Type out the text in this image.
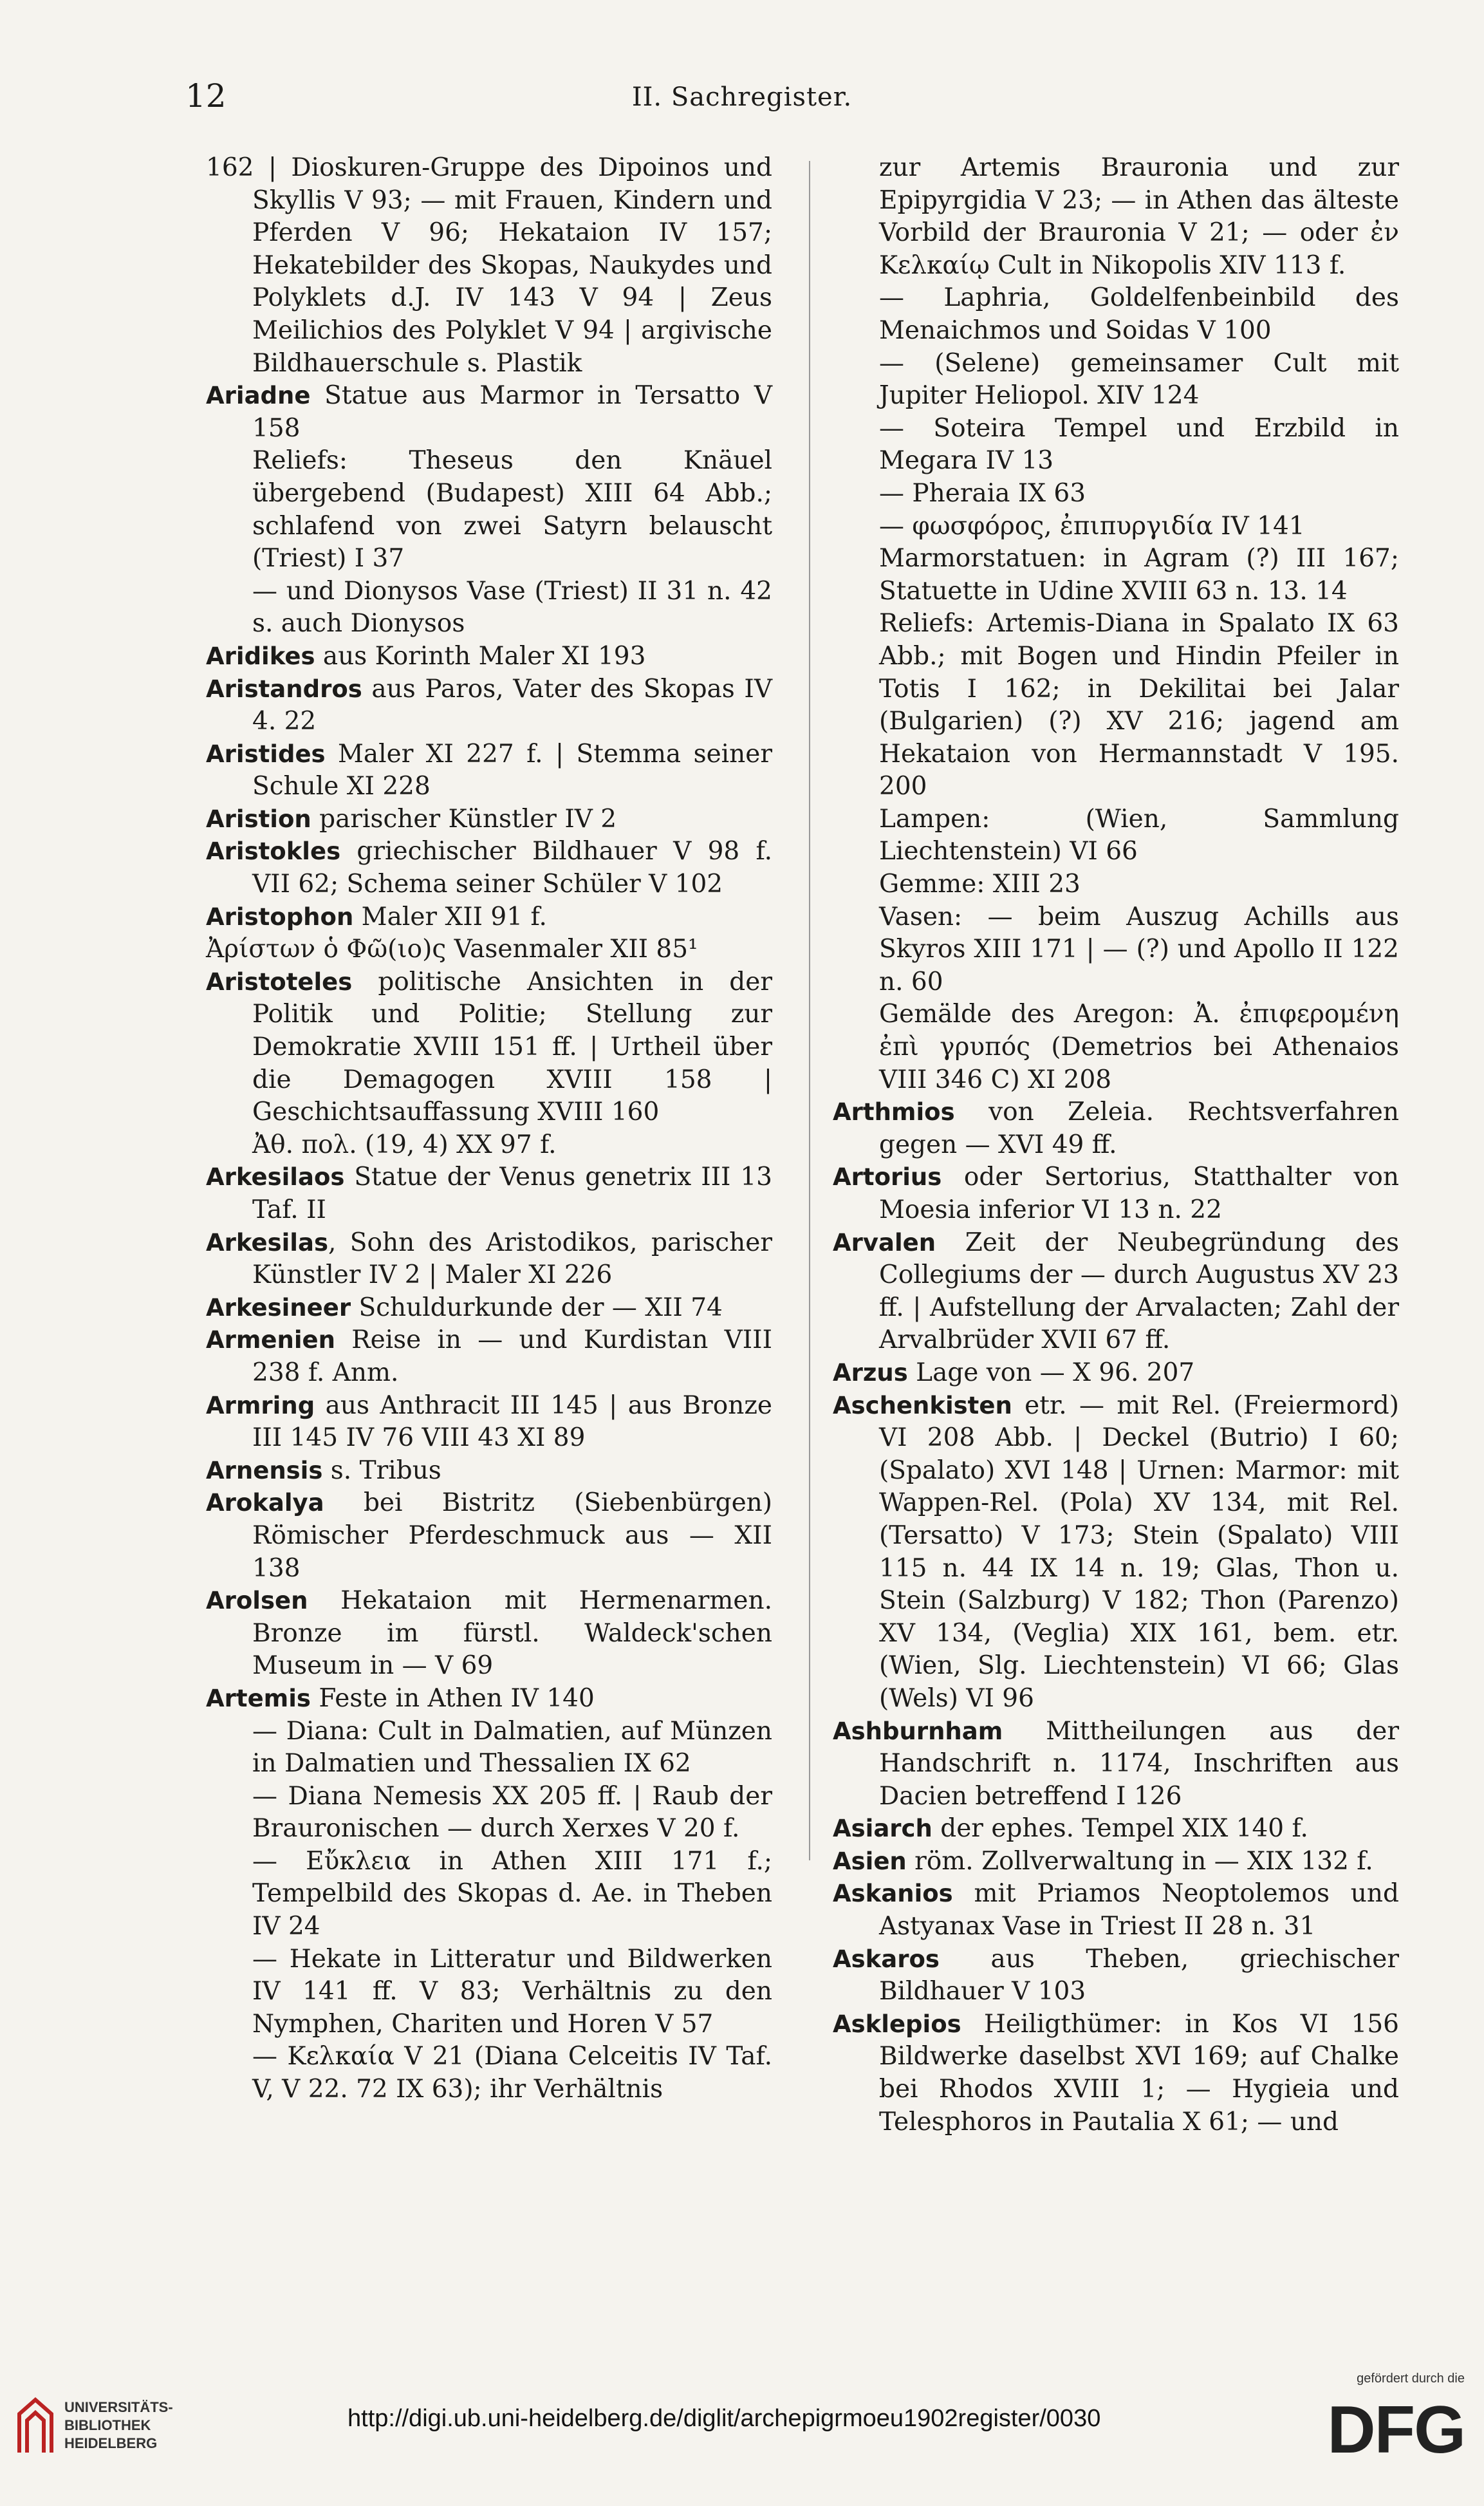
12	II. Sachregister.

162 | Dioskuren-Gruppe des Dipoinos und Skyllis V 93; — mit Frauen, Kindern und Pferden V 96; Hekataion IV 157; Hekatebilder des Skopas, Naukydes und Polyklets d.J. IV 143 V 94 | Zeus Meilichios des Polyklet V 94 | argivische Bildhauerschule s. Plastik

Ariadne Statue aus Marmor in Tersatto V 158

Reliefs: Theseus den Knäuel übergebend (Budapest) XIII 64 Abb.; schlafend von zwei Satyrn belauscht (Triest) I 37

— und Dionysos Vase (Triest) II 31 n. 42 s. auch Dionysos

Aridikes aus Korinth Maler XI 193

Aristandros aus Paros, Vater des Skopas IV 4. 22

Aristides Maler XI 227 f. | Stemma seiner Schule XI 228

Aristion parischer Künstler IV 2

Aristokles griechischer Bildhauer V 98 f. VII 62; Schema seiner Schüler V 102

Aristophon Maler XII 91 f.

Ἀρίστων ὁ Φῶ(ιο)ς Vasenmaler XII 85¹

Aristoteles politische Ansichten in der Politik und Politie; Stellung zur Demokratie XVIII 151 ff. | Urtheil über die Demagogen XVIII 158 | Geschichtsauffassung XVIII 160

Ἀθ. πολ. (19, 4) XX 97 f.

Arkesilaos Statue der Venus genetrix III 13 Taf. II

Arkesilas, Sohn des Aristodikos, parischer Künstler IV 2 | Maler XI 226

Arkesineer Schuldurkunde der — XII 74

Armenien Reise in — und Kurdistan VIII 238 f. Anm.

Armring aus Anthracit III 145 | aus Bronze III 145 IV 76 VIII 43 XI 89

Arnensis s. Tribus

Arokalya bei Bistritz (Siebenbürgen) Römischer Pferdeschmuck aus — XII 138

Arolsen Hekataion mit Hermenarmen. Bronze im fürstl. Waldeck'schen Museum in — V 69

Artemis Feste in Athen IV 140

— Diana: Cult in Dalmatien, auf Münzen in Dalmatien und Thessalien IX 62

— Diana Nemesis XX 205 ff. | Raub der Brauronischen — durch Xerxes V 20 f.

— Εὔκλεια in Athen XIII 171 f.; Tempelbild des Skopas d. Ae. in Theben IV 24

— Hekate in Litteratur und Bildwerken IV 141 ff. V 83; Verhältnis zu den Nymphen, Chariten und Horen V 57

— Κελκαία V 21 (Diana Celceitis IV Taf. V, V 22. 72 IX 63); ihr Verhältnis

zur Artemis Brauronia und zur Epipyrgidia V 23; — in Athen das älteste Vorbild der Brauronia V 21; — oder ἐν Κελκαίῳ Cult in Nikopolis XIV 113 f.

— Laphria, Goldelfenbeinbild des Menaichmos und Soidas V 100

— (Selene) gemeinsamer Cult mit Jupiter Heliopol. XIV 124

— Soteira Tempel und Erzbild in Megara IV 13

— Pheraia IX 63

— φωσφόρος, ἐπιπυργιδία IV 141

Marmorstatuen: in Agram (?) III 167; Statuette in Udine XVIII 63 n. 13. 14

Reliefs: Artemis-Diana in Spalato IX 63 Abb.; mit Bogen und Hindin Pfeiler in Totis I 162; in Dekilitai bei Jalar (Bulgarien) (?) XV 216; jagend am Hekataion von Hermannstadt V 195. 200

Lampen: (Wien, Sammlung Liechtenstein) VI 66

Gemme: XIII 23

Vasen: — beim Auszug Achills aus Skyros XIII 171 | — (?) und Apollo II 122 n. 60

Gemälde des Aregon: Ἀ. ἐπιφερομένη ἐπὶ γρυπός (Demetrios bei Athenaios VIII 346 C) XI 208

Arthmios von Zeleia. Rechtsverfahren gegen — XVI 49 ff.

Artorius oder Sertorius, Statthalter von Moesia inferior VI 13 n. 22

Arvalen Zeit der Neubegründung des Collegiums der — durch Augustus XV 23 ff. | Aufstellung der Arvalacten; Zahl der Arvalbrüder XVII 67 ff.

Arzus Lage von — X 96. 207

Aschenkisten etr. — mit Rel. (Freiermord) VI 208 Abb. | Deckel (Butrio) I 60; (Spalato) XVI 148 | Urnen: Marmor: mit Wappen-Rel. (Pola) XV 134, mit Rel. (Tersatto) V 173; Stein (Spalato) VIII 115 n. 44 IX 14 n. 19; Glas, Thon u. Stein (Salzburg) V 182; Thon (Parenzo) XV 134, (Veglia) XIX 161, bem. etr. (Wien, Slg. Liechtenstein) VI 66; Glas (Wels) VI 96

Ashburnham Mittheilungen aus der Handschrift n. 1174, Inschriften aus Dacien betreffend I 126

Asiarch der ephes. Tempel XIX 140 f.

Asien röm. Zollverwaltung in — XIX 132 f.

Askanios mit Priamos Neoptolemos und Astyanax Vase in Triest II 28 n. 31

Askaros aus Theben, griechischer Bildhauer V 103

Asklepios Heiligthümer: in Kos VI 156 Bildwerke daselbst XVI 169; auf Chalke bei Rhodos XVIII 1; — Hygieia und Telesphoros in Pautalia X 61; — und

UNIVERSITÄTS-
BIBLIOTHEK
HEIDELBERG
http://digi.ub.uni-heidelberg.de/diglit/archepigrmoeu1902register/0030
gefördert durch die
DFG
